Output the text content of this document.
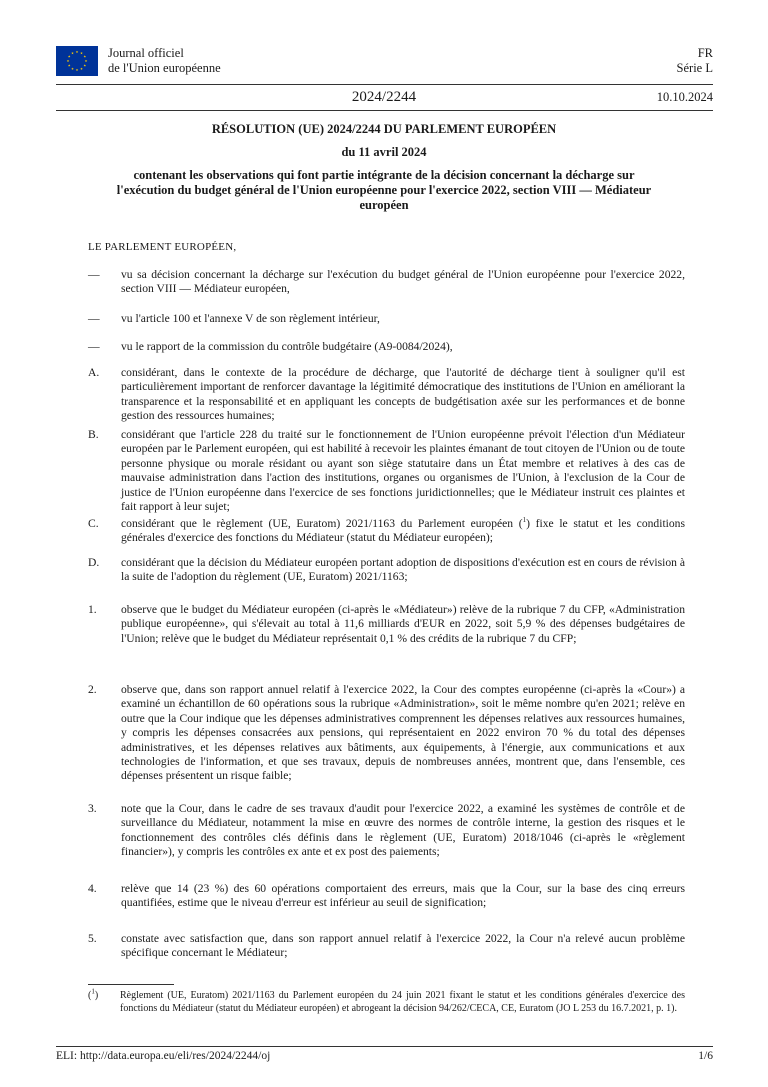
Journal officiel
de l'Union européenne
FR
Série L
2024/2244	10.10.2024
RÉSOLUTION (UE) 2024/2244 DU PARLEMENT EUROPÉEN
du 11 avril 2024
contenant les observations qui font partie intégrante de la décision concernant la décharge sur l'exécution du budget général de l'Union européenne pour l'exercice 2022, section VIII — Médiateur européen
LE PARLEMENT EUROPÉEN,
—	vu sa décision concernant la décharge sur l'exécution du budget général de l'Union européenne pour l'exercice 2022, section VIII — Médiateur européen,
—	vu l'article 100 et l'annexe V de son règlement intérieur,
—	vu le rapport de la commission du contrôle budgétaire (A9-0084/2024),
A.	considérant, dans le contexte de la procédure de décharge, que l'autorité de décharge tient à souligner qu'il est particulièrement important de renforcer davantage la légitimité démocratique des institutions de l'Union en améliorant la transparence et la responsabilité et en appliquant les concepts de budgétisation axée sur les performances et de bonne gestion des ressources humaines;
B.	considérant que l'article 228 du traité sur le fonctionnement de l'Union européenne prévoit l'élection d'un Médiateur européen par le Parlement européen, qui est habilité à recevoir les plaintes émanant de tout citoyen de l'Union ou de toute personne physique ou morale résidant ou ayant son siège statutaire dans un État membre et relatives à des cas de mauvaise administration dans l'action des institutions, organes ou organismes de l'Union, à l'exclusion de la Cour de justice de l'Union européenne dans l'exercice de ses fonctions juridictionnelles; que le Médiateur instruit ces plaintes et fait rapport à leur sujet;
C.	considérant que le règlement (UE, Euratom) 2021/1163 du Parlement européen ($^1$) fixe le statut et les conditions générales d'exercice des fonctions du Médiateur (statut du Médiateur européen);
D.	considérant que la décision du Médiateur européen portant adoption de dispositions d'exécution est en cours de révision à la suite de l'adoption du règlement (UE, Euratom) 2021/1163;
1.	observe que le budget du Médiateur européen (ci-après le «Médiateur») relève de la rubrique 7 du CFP, «Administration publique européenne», qui s'élevait au total à 11,6 milliards d'EUR en 2022, soit 5,9 % des dépenses budgétaires de l'Union; relève que le budget du Médiateur représentait 0,1 % des crédits de la rubrique 7 du CFP;
2.	observe que, dans son rapport annuel relatif à l'exercice 2022, la Cour des comptes européenne (ci-après la «Cour») a examiné un échantillon de 60 opérations sous la rubrique «Administration», soit le même nombre qu'en 2021; relève en outre que la Cour indique que les dépenses administratives comprennent les dépenses relatives aux ressources humaines, y compris les dépenses consacrées aux pensions, qui représentaient en 2022 environ 70 % du total des dépenses administratives, et les dépenses relatives aux bâtiments, aux équipements, à l'énergie, aux communications et aux technologies de l'information, et que ses travaux, depuis de nombreuses années, montrent que, dans l'ensemble, ces dépenses présentent un risque faible;
3.	note que la Cour, dans le cadre de ses travaux d'audit pour l'exercice 2022, a examiné les systèmes de contrôle et de surveillance du Médiateur, notamment la mise en œuvre des normes de contrôle interne, la gestion des risques et le fonctionnement des contrôles clés définis dans le règlement (UE, Euratom) 2018/1046 (ci-après le «règlement financier»), y compris les contrôles ex ante et ex post des paiements;
4.	relève que 14 (23 %) des 60 opérations comportaient des erreurs, mais que la Cour, sur la base des cinq erreurs quantifiées, estime que le niveau d'erreur est inférieur au seuil de signification;
5.	constate avec satisfaction que, dans son rapport annuel relatif à l'exercice 2022, la Cour n'a relevé aucun problème spécifique concernant le Médiateur;
($^1$) Règlement (UE, Euratom) 2021/1163 du Parlement européen du 24 juin 2021 fixant le statut et les conditions générales d'exercice des fonctions du Médiateur (statut du Médiateur européen) et abrogeant la décision 94/262/CECA, CE, Euratom (JO L 253 du 16.7.2021, p. 1).
ELI: http://data.europa.eu/eli/res/2024/2244/oj	1/6
